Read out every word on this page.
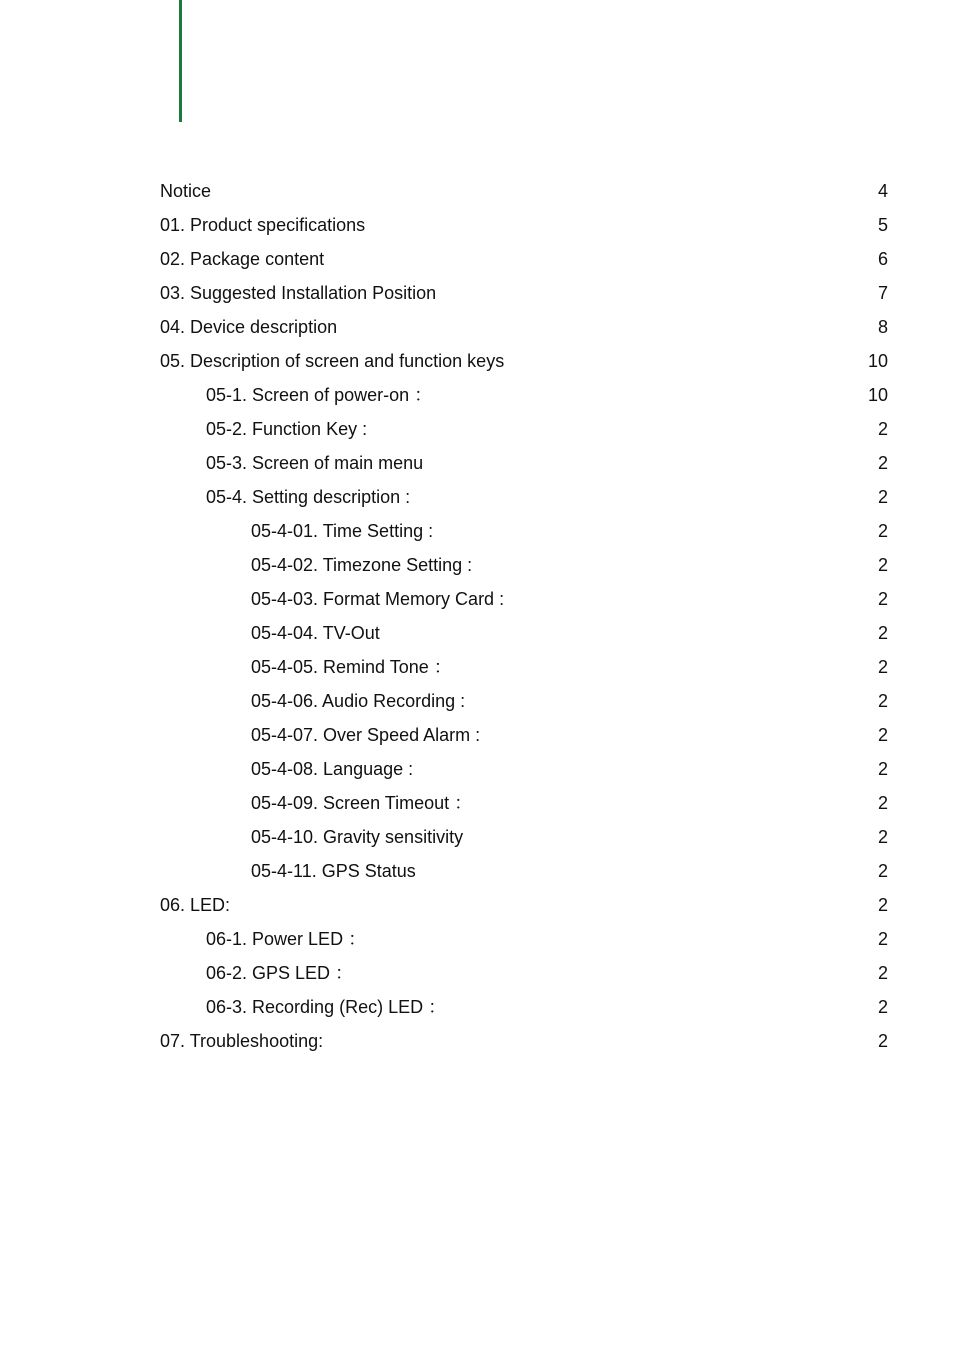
Notice	4
01. Product specifications	5
02. Package content	6
03. Suggested Installation Position	7
04. Device description	8
05. Description of screen and function keys	10
05-1. Screen of power-on ：	10
05-2. Function Key :	2
05-3. Screen of main menu	2
05-4. Setting description :	2
05-4-01. Time Setting :	2
05-4-02. Timezone Setting :	2
05-4-03. Format Memory Card :	2
05-4-04. TV-Out	2
05-4-05. Remind Tone ：	2
05-4-06. Audio Recording :	2
05-4-07. Over Speed Alarm :	2
05-4-08. Language :	2
05-4-09. Screen Timeout ：	2
05-4-10. Gravity sensitivity	2
05-4-11. GPS Status	2
06. LED:	2
06-1. Power LED ：	2
06-2. GPS LED ：	2
06-3. Recording (Rec) LED ：	2
07. Troubleshooting:	2
